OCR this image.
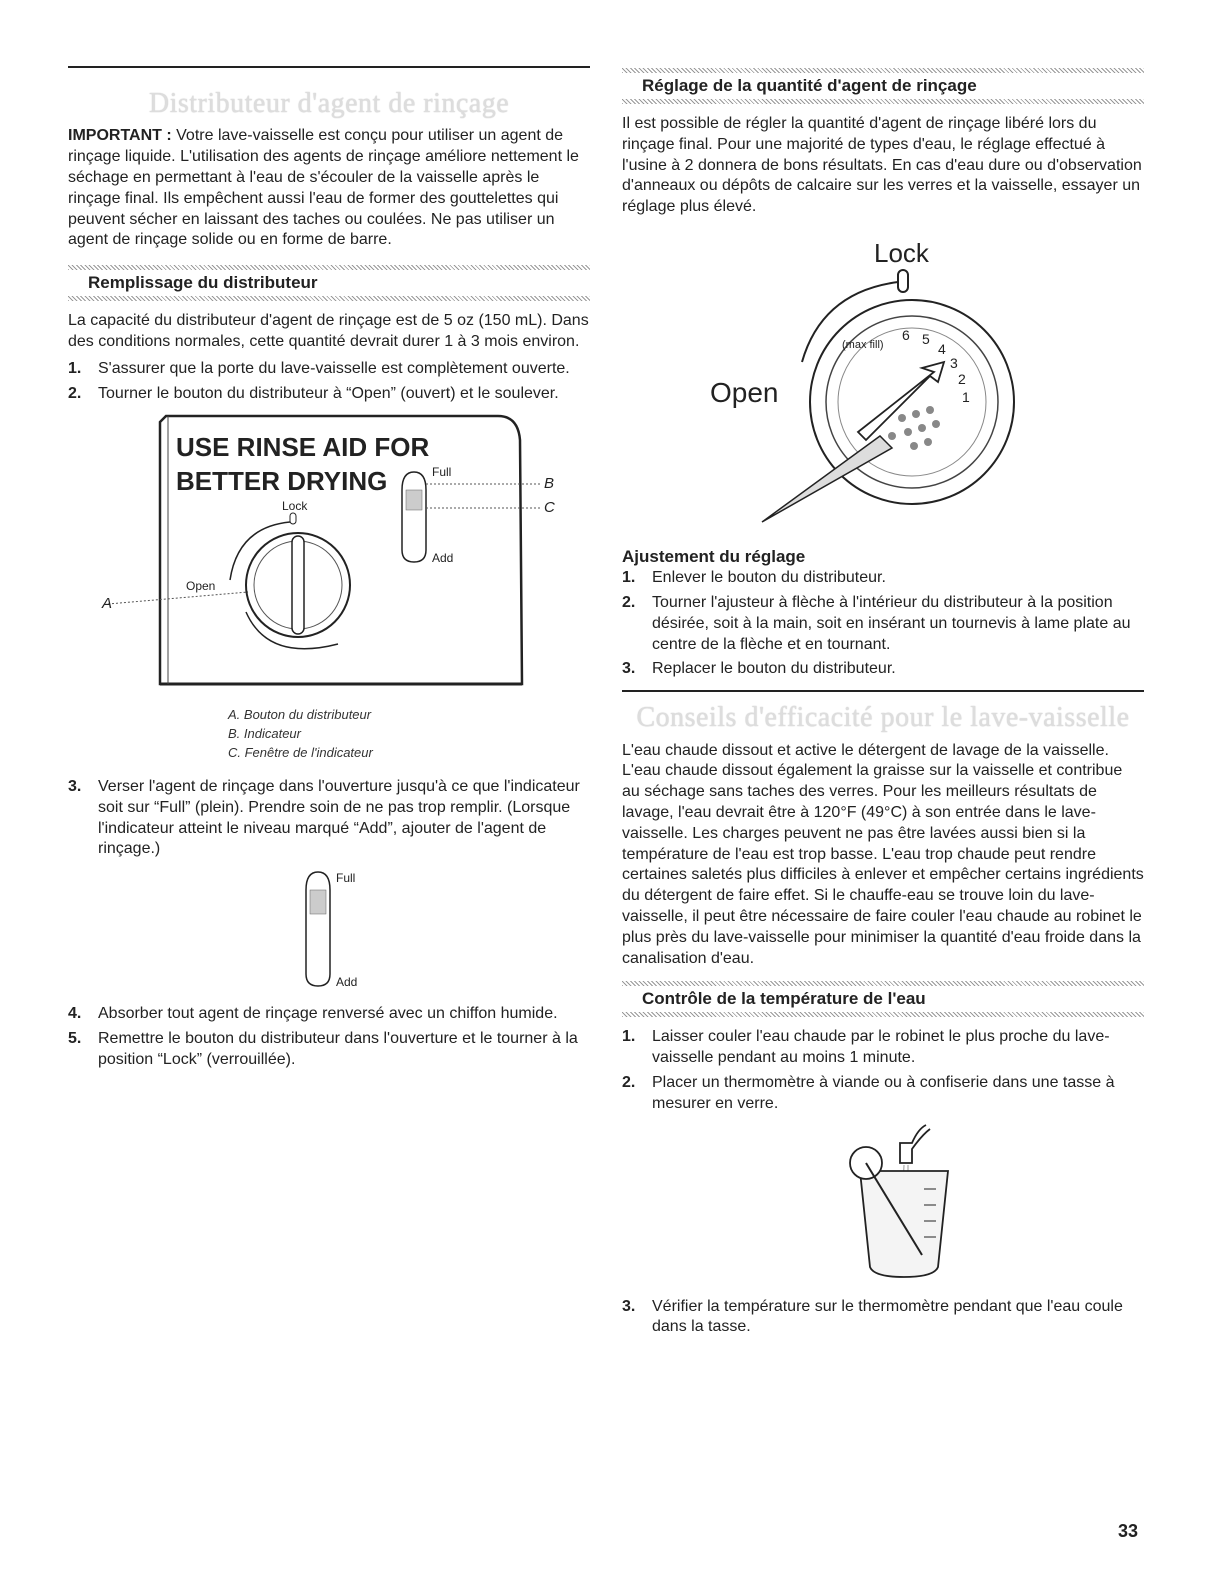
Distributeur d'agent de rinçage

IMPORTANT : Votre lave-vaisselle est conçu pour utiliser un agent de rinçage liquide. L'utilisation des agents de rinçage améliore nettement le séchage en permettant à l'eau de s'écouler de la vaisselle après le rinçage final. Ils empêchent aussi l'eau de former des gouttelettes qui peuvent sécher en laissant des taches ou coulées. Ne pas utiliser un agent de rinçage solide ou en forme de barre.

Remplissage du distributeur

La capacité du distributeur d'agent de rinçage est de 5 oz (150 mL). Dans des conditions normales, cette quantité devrait durer 1 à 3 mois environ.

1. S'assurer que la porte du lave-vaisselle est complètement ouverte.
2. Tourner le bouton du distributeur à “Open” (ouvert) et le soulever.
USE RINSE AID FOR
BETTER DRYING
Lock
Open
A
Full
Add
B
C
A. Bouton du distributeur
B. Indicateur
C. Fenêtre de l'indicateur
3. Verser l'agent de rinçage dans l'ouverture jusqu'à ce que l'indicateur soit sur “Full” (plein). Prendre soin de ne pas trop remplir. (Lorsque l'indicateur atteint le niveau marqué “Add”, ajouter de l'agent de rinçage.)
Full
Add
4. Absorber tout agent de rinçage renversé avec un chiffon humide.
5. Remettre le bouton du distributeur dans l'ouverture et le tourner à la position “Lock” (verrouillée).
Réglage de la quantité d'agent de rinçage

Il est possible de régler la quantité d'agent de rinçage libéré lors du rinçage final. Pour une majorité de types d'eau, le réglage effectué à l'usine à 2 donnera de bons résultats. En cas d'eau dure ou d'observation d'anneaux ou dépôts de calcaire sur les verres et la vaisselle, essayer un réglage plus élevé.

Lock
Open
(max fill)
6 5
4
3
2
1
Ajustement du réglage
1. Enlever le bouton du distributeur.
2. Tourner l'ajusteur à flèche à l'intérieur du distributeur à la position désirée, soit à la main, soit en insérant un tournevis à lame plate au centre de la flèche et en tournant.
3. Replacer le bouton du distributeur.
Conseils d'efficacité pour le lave-vaisselle

L'eau chaude dissout et active le détergent de lavage de la vaisselle. L'eau chaude dissout également la graisse sur la vaisselle et contribue au séchage sans taches des verres. Pour les meilleurs résultats de lavage, l'eau devrait être à 120°F (49°C) à son entrée dans le lave-vaisselle. Les charges peuvent ne pas être lavées aussi bien si la température de l'eau est trop basse. L'eau trop chaude peut rendre certaines saletés plus difficiles à enlever et empêcher certains ingrédients du détergent de faire effet. Si le chauffe-eau se trouve loin du lave-vaisselle, il peut être nécessaire de faire couler l'eau chaude au robinet le plus près du lave-vaisselle pour minimiser la quantité d'eau froide dans la canalisation d'eau.

Contrôle de la température de l'eau
1. Laisser couler l'eau chaude par le robinet le plus proche du lave-vaisselle pendant au moins 1 minute.
2. Placer un thermomètre à viande ou à confiserie dans une tasse à mesurer en verre.
3. Vérifier la température sur le thermomètre pendant que l'eau coule dans la tasse.
33
